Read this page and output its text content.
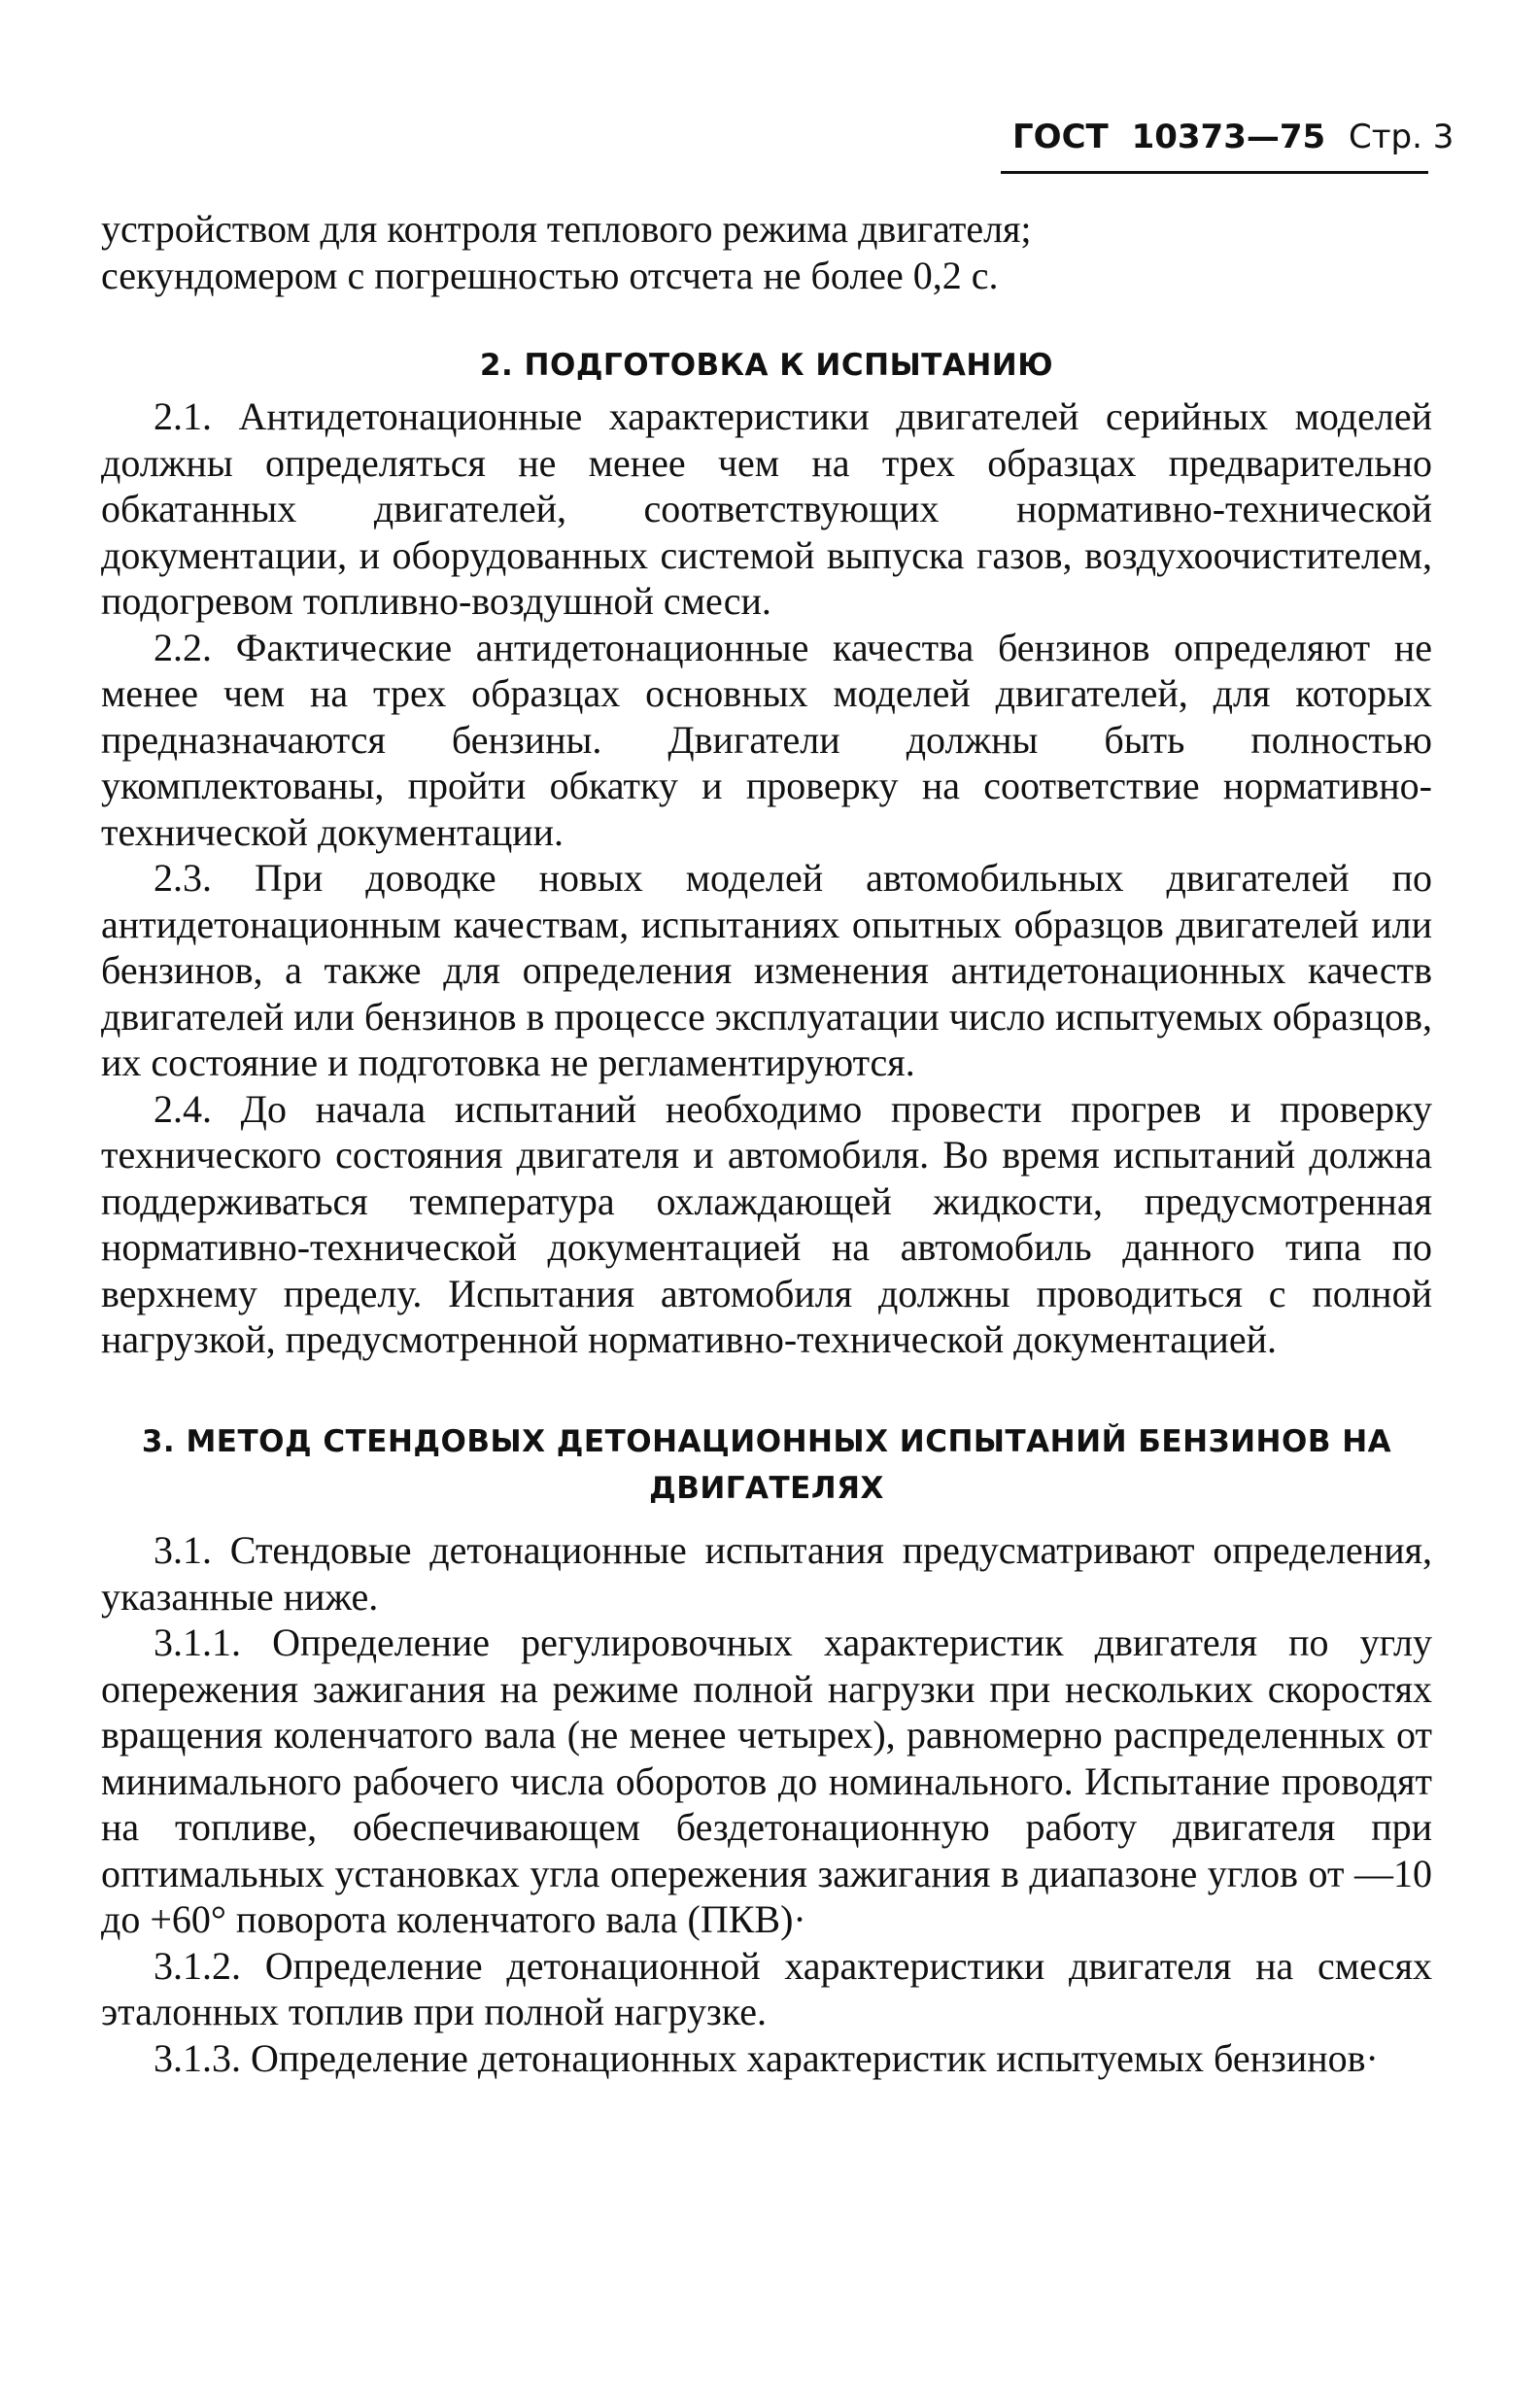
ГОСТ 10373—75 Стр. 3

устройством для контроля теплового режима двигателя;

секундомером с погрешностью отсчета не более 0,2 с.

2. ПОДГОТОВКА К ИСПЫТАНИЮ

2.1. Антидетонационные характеристики двигателей серийных моделей должны определяться не менее чем на трех образцах предварительно обкатанных двигателей, соответствующих нормативно-технической документации, и оборудованных системой выпуска газов, воздухоочистителем, подогревом топливно-воздушной смеси.

2.2. Фактические антидетонационные качества бензинов определяют не менее чем на трех образцах основных моделей двигателей, для которых предназначаются бензины. Двигатели должны быть полностью укомплектованы, пройти обкатку и проверку на соответствие нормативно-технической документации.

2.3. При доводке новых моделей автомобильных двигателей по антидетонационным качествам, испытаниях опытных образцов двигателей или бензинов, а также для определения изменения антидетонационных качеств двигателей или бензинов в процессе эксплуатации число испытуемых образцов, их состояние и подготовка не регламентируются.

2.4. До начала испытаний необходимо провести прогрев и проверку технического состояния двигателя и автомобиля. Во время испытаний должна поддерживаться температура охлаждающей жидкости, предусмотренная нормативно-технической документацией на автомобиль данного типа по верхнему пределу. Испытания автомобиля должны проводиться с полной нагрузкой, предусмотренной нормативно-технической документацией.

3. МЕТОД СТЕНДОВЫХ ДЕТОНАЦИОННЫХ ИСПЫТАНИЙ БЕНЗИНОВ НА
ДВИГАТЕЛЯХ

3.1. Стендовые детонационные испытания предусматривают определения, указанные ниже.

3.1.1. Определение регулировочных характеристик двигателя по углу опережения зажигания на режиме полной нагрузки при нескольких скоростях вращения коленчатого вала (не менее четырех), равномерно распределенных от минимального рабочего числа оборотов до номинального. Испытание проводят на топливе, обеспечивающем бездетонационную работу двигателя при оптимальных установках угла опережения зажигания в диапазоне углов от —10 до +60° поворота коленчатого вала (ПКВ)·

3.1.2. Определение детонационной характеристики двигателя на смесях эталонных топлив при полной нагрузке.

3.1.3. Определение детонационных характеристик испытуемых бензинов·
